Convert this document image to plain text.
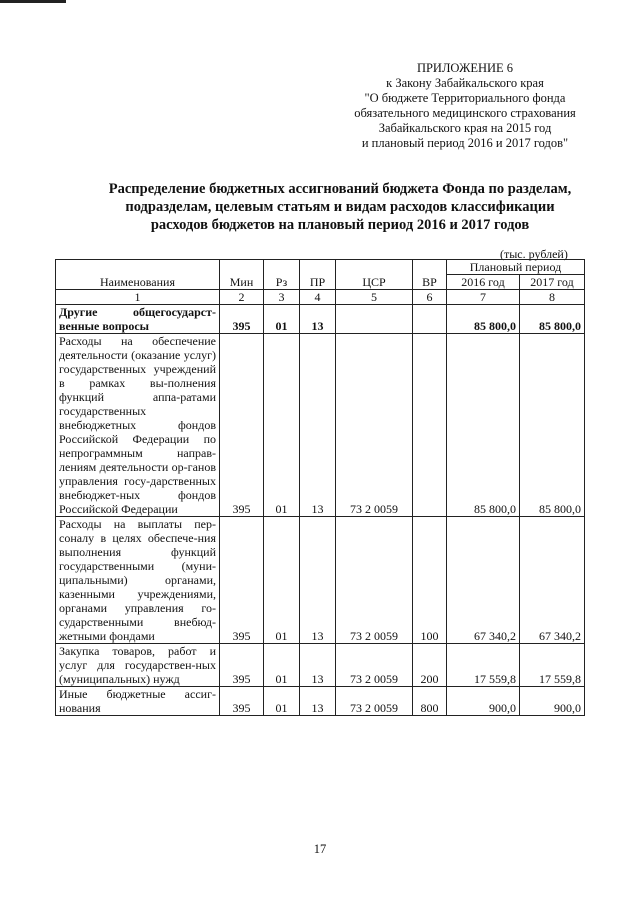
ПРИЛОЖЕНИЕ 6
к Закону Забайкальского края
"О бюджете Территориального фонда
обязательного медицинского страхования
Забайкальского края на 2015 год
и плановый период 2016 и 2017 годов"
Распределение бюджетных ассигнований бюджета Фонда по разделам,
подразделам, целевым статьям и видам расходов классификации
расходов бюджетов на плановый период 2016 и 2017 годов
(тыс. рублей)
Наименования	Мин	Рз	ПР	ЦСР	ВР	Плановый период	
						2016 год	2017 год
1	2	3	4	5	6	7	8
Другие общегосударст-венные вопросы	395	01	13			85 800,0	85 800,0
Расходы на обеспечение деятельности (оказание услуг) государственных учреждений в рамках вы-полнения функций аппа-ратами государственных внебюджетных фондов Российской Федерации по непрограммным направ-лениям деятельности ор-ганов управления госу-дарственных внебюджет-ных фондов Российской Федерации	395	01	13	73 2 0059		85 800,0	85 800,0
Расходы на выплаты пер-соналу в целях обеспече-ния выполнения функций государственными (муни-ципальными) органами, казенными учреждениями, органами управления го-сударственными внебюд-жетными фондами	395	01	13	73 2 0059	100	67 340,2	67 340,2
Закупка товаров, работ и услуг для государствен-ных (муниципальных) нужд	395	01	13	73 2 0059	200	17 559,8	17 559,8
Иные бюджетные ассиг-нования	395	01	13	73 2 0059	800	900,0	900,0
17
